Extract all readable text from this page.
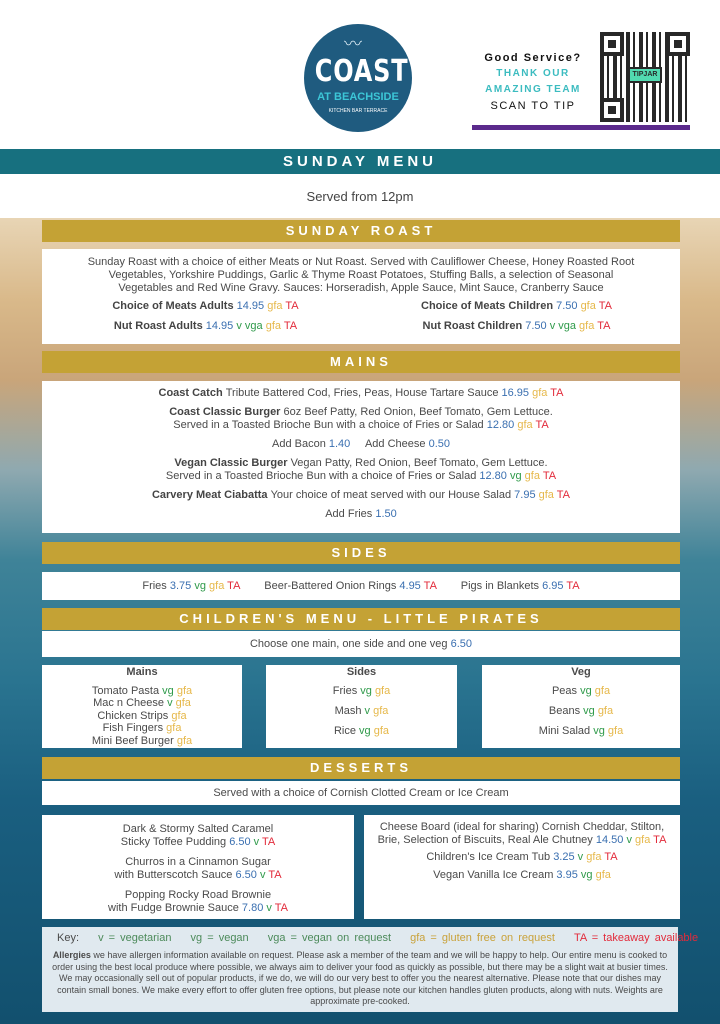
〰
COAST
AT BEACHSIDE
KITCHEN BAR TERRACE
Good Service?
THANK OUR
AMAZING TEAM
SCAN TO TIP
TIPJAR
SUNDAY MENU
Served from 12pm
SUNDAY ROAST
Sunday Roast with a choice of either Meats or Nut Roast. Served with Cauliflower Cheese, Honey Roasted Root
Vegetables, Yorkshire Puddings, Garlic & Thyme Roast Potatoes, Stuffing Balls, a selection of Seasonal
Vegetables and Red Wine Gravy. Sauces: Horseradish, Apple Sauce, Mint Sauce, Cranberry Sauce
Choice of Meats Adults 14.95 gfa TA	Choice of Meats Children 7.50 gfa TA
Nut Roast Adults 14.95 v vga gfa TA	Nut Roast Children 7.50 v vga gfa TA
MAINS
Coast Catch Tribute Battered Cod, Fries, Peas, House Tartare Sauce 16.95 gfa TA
Coast Classic Burger 6oz Beef Patty, Red Onion, Beef Tomato, Gem Lettuce.
Served in a Toasted Brioche Bun with a choice of Fries or Salad 12.80 gfa TA
Add Bacon 1.40     Add Cheese 0.50
Vegan Classic Burger Vegan Patty, Red Onion, Beef Tomato, Gem Lettuce.
Served in a Toasted Brioche Bun with a choice of Fries or Salad 12.80 vg gfa TA
Carvery Meat Ciabatta Your choice of meat served with our House Salad 7.95 gfa TA
Add Fries 1.50
SIDES
Fries 3.75 vg gfa TA        Beer-Battered Onion Rings 4.95 TA        Pigs in Blankets 6.95 TA
CHILDREN'S MENU - LITTLE PIRATES
Choose one main, one side and one veg 6.50
Mains
Tomato Pasta vg gfa
Mac n Cheese v gfa
Chicken Strips gfa
Fish Fingers gfa
Mini Beef Burger gfa
Sides
Fries vg gfa
Mash v gfa
Rice vg gfa
Veg
Peas vg gfa
Beans vg gfa
Mini Salad vg gfa
DESSERTS
Served with a choice of Cornish Clotted Cream or Ice Cream
Dark & Stormy Salted Caramel
Sticky Toffee Pudding 6.50 v TA
Churros in a Cinnamon Sugar
with Butterscotch Sauce 6.50 v TA
Popping Rocky Road Brownie
with Fudge Brownie Sauce 7.80 v TA
Cheese Board (ideal for sharing) Cornish Cheddar, Stilton,
Brie, Selection of Biscuits, Real Ale Chutney 14.50 v gfa TA
Children's Ice Cream Tub 3.25 v gfa TA
Vegan Vanilla Ice Cream 3.95 vg gfa
Key: v = vegetarian vg = vegan vga = vegan on request gfa = gluten free on request TA = takeaway available
Allergies we have allergen information available on request. Please ask a member of the team and we will be happy to help. Our entire menu is cooked to order using the best local produce where possible, we always aim to deliver your food as quickly as possible, but there may be a slight wait at busier times. We may occasionally sell out of popular products, if we do, we will do our very best to offer you the nearest alternative. Please note that our dishes may contain small bones. We make every effort to offer gluten free options, but please note our kitchen handles gluten products, along with nuts. Weights are approximate pre-cooked.
